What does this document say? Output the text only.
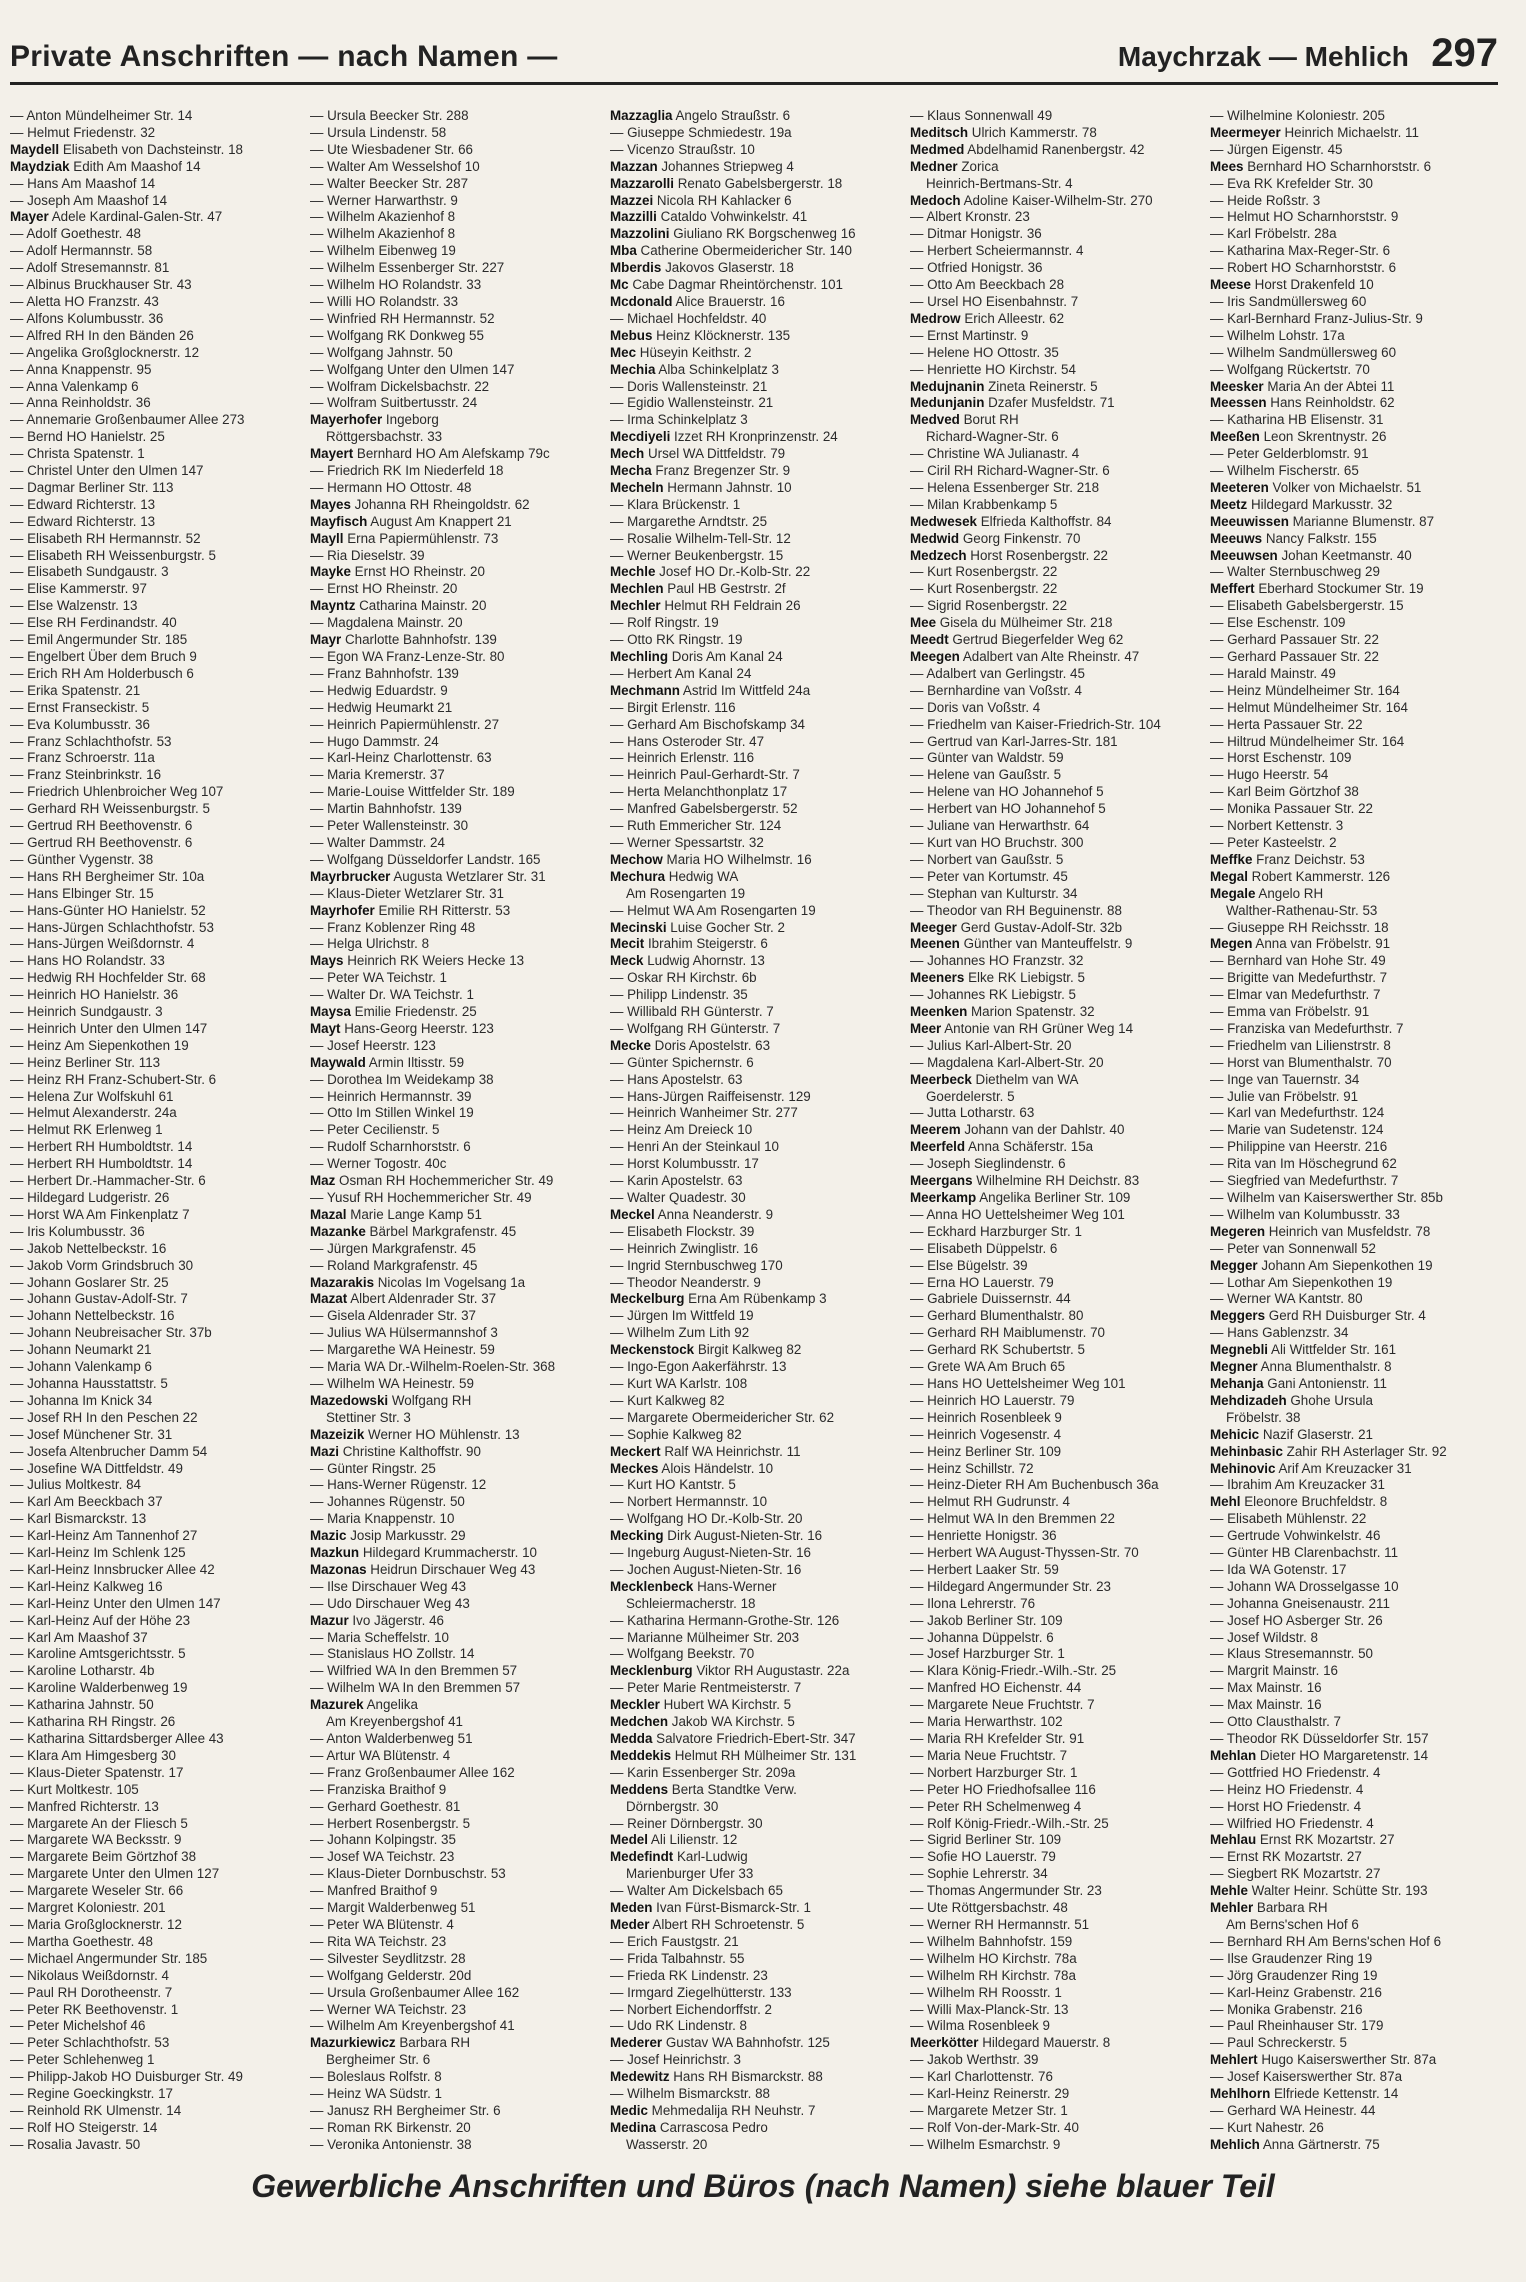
Private Anschriften — nach Namen —	Maychrzak — Mehlich 297
— Anton Mündelheimer Str. 14
— Helmut Friedenstr. 32
Maydell Elisabeth von Dachsteinstr. 18
Maydziak Edith Am Maashof 14
— Hans Am Maashof 14
— Joseph Am Maashof 14
Mayer Adele Kardinal-Galen-Str. 47
— Adolf Goethestr. 48
— Adolf Hermannstr. 58
— Adolf Stresemannstr. 81
— Albinus Bruckhauser Str. 43
— Aletta HO Franzstr. 43
— Alfons Kolumbusstr. 36
— Alfred RH In den Bänden 26
— Angelika Großglocknerstr. 12
— Anna Knappenstr. 95
— Anna Valenkamp 6
— Anna Reinholdstr. 36
— Annemarie Großenbaumer Allee 273
— Bernd HO Hanielstr. 25
— Christa Spatenstr. 1
— Christel Unter den Ulmen 147
— Dagmar Berliner Str. 113
— Edward Richterstr. 13
— Edward Richterstr. 13
— Elisabeth RH Hermannstr. 52
— Elisabeth RH Weissenburgstr. 5
— Elisabeth Sundgaustr. 3
— Elise Kammerstr. 97
— Else Walzenstr. 13
— Else RH Ferdinandstr. 40
— Emil Angermunder Str. 185
— Engelbert Über dem Bruch 9
— Erich RH Am Holderbusch 6
— Erika Spatenstr. 21
— Ernst Franseckistr. 5
— Eva Kolumbusstr. 36
— Franz Schlachthofstr. 53
— Franz Schroerstr. 11a
— Franz Steinbrinkstr. 16
— Friedrich Uhlenbroicher Weg 107
— Gerhard RH Weissenburgstr. 5
— Gertrud RH Beethovenstr. 6
— Gertrud RH Beethovenstr. 6
— Günther Vygenstr. 38
— Hans RH Bergheimer Str. 10a
— Hans Elbinger Str. 15
— Hans-Günter HO Hanielstr. 52
— Hans-Jürgen Schlachthofstr. 53
— Hans-Jürgen Weißdornstr. 4
— Hans HO Rolandstr. 33
— Hedwig RH Hochfelder Str. 68
— Heinrich HO Hanielstr. 36
— Heinrich Sundgaustr. 3
— Heinrich Unter den Ulmen 147
— Heinz Am Siepenkothen 19
— Heinz Berliner Str. 113
— Heinz RH Franz-Schubert-Str. 6
— Helena Zur Wolfskuhl 61
— Helmut Alexanderstr. 24a
— Helmut RK Erlenweg 1
— Herbert RH Humboldtstr. 14
— Herbert RH Humboldtstr. 14
— Herbert Dr.-Hammacher-Str. 6
— Hildegard Ludgeristr. 26
— Horst WA Am Finkenplatz 7
— Iris Kolumbusstr. 36
— Jakob Nettelbeckstr. 16
— Jakob Vorm Grindsbruch 30
— Johann Goslarer Str. 25
— Johann Gustav-Adolf-Str. 7
— Johann Nettelbeckstr. 16
— Johann Neubreisacher Str. 37b
— Johann Neumarkt 21
— Johann Valenkamp 6
— Johanna Hausstattstr. 5
— Johanna Im Knick 34
— Josef RH In den Peschen 22
— Josef Münchener Str. 31
— Josefa Altenbrucher Damm 54
— Josefine WA Dittfeldstr. 49
— Julius Moltkestr. 84
— Karl Am Beeckbach 37
— Karl Bismarckstr. 13
— Karl-Heinz Am Tannenhof 27
— Karl-Heinz Im Schlenk 125
— Karl-Heinz Innsbrucker Allee 42
— Karl-Heinz Kalkweg 16
— Karl-Heinz Unter den Ulmen 147
— Karl-Heinz Auf der Höhe 23
— Karl Am Maashof 37
— Karoline Amtsgerichtsstr. 5
— Karoline Lotharstr. 4b
— Karoline Walderbenweg 19
— Katharina Jahnstr. 50
— Katharina RH Ringstr. 26
— Katharina Sittardsberger Allee 43
— Klara Am Himgesberg 30
— Klaus-Dieter Spatenstr. 17
— Kurt Moltkestr. 105
— Manfred Richterstr. 13
— Margarete An der Fliesch 5
— Margarete WA Becksstr. 9
— Margarete Beim Görtzhof 38
— Margarete Unter den Ulmen 127
— Margarete Weseler Str. 66
— Margret Koloniestr. 201
— Maria Großglocknerstr. 12
— Martha Goethestr. 48
— Michael Angermunder Str. 185
— Nikolaus Weißdornstr. 4
— Paul RH Dorotheenstr. 7
— Peter RK Beethovenstr. 1
— Peter Michelshof 46
— Peter Schlachthofstr. 53
— Peter Schlehenweg 1
— Philipp-Jakob HO Duisburger Str. 49
— Regine Goeckingkstr. 17
— Reinhold RK Ulmenstr. 14
— Rolf HO Steigerstr. 14
— Rosalia Javastr. 50
— Ursula Beecker Str. 288
— Ursula Lindenstr. 58
— Ute Wiesbadener Str. 66
— Walter Am Wesselshof 10
— Walter Beecker Str. 287
— Werner Harwarthstr. 9
— Wilhelm Akazienhof 8
— Wilhelm Akazienhof 8
— Wilhelm Eibenweg 19
— Wilhelm Essenberger Str. 227
— Wilhelm HO Rolandstr. 33
— Willi HO Rolandstr. 33
— Winfried RH Hermannstr. 52
— Wolfgang RK Donkweg 55
— Wolfgang Jahnstr. 50
— Wolfgang Unter den Ulmen 147
— Wolfram Dickelsbachstr. 22
— Wolfram Suitbertusstr. 24
Mayerhofer Ingeborg
Röttgersbachstr. 33
Mayert Bernhard HO Am Alefskamp 79c
— Friedrich RK Im Niederfeld 18
— Hermann HO Ottostr. 48
Mayes Johanna RH Rheingoldstr. 62
Mayfisch August Am Knappert 21
Mayll Erna Papiermühlenstr. 73
— Ria Dieselstr. 39
Mayke Ernst HO Rheinstr. 20
— Ernst HO Rheinstr. 20
Mayntz Catharina Mainstr. 20
— Magdalena Mainstr. 20
Mayr Charlotte Bahnhofstr. 139
— Egon WA Franz-Lenze-Str. 80
— Franz Bahnhofstr. 139
— Hedwig Eduardstr. 9
— Hedwig Heumarkt 21
— Heinrich Papiermühlenstr. 27
— Hugo Dammstr. 24
— Karl-Heinz Charlottenstr. 63
— Maria Kremerstr. 37
— Marie-Louise Wittfelder Str. 189
— Martin Bahnhofstr. 139
— Peter Wallensteinstr. 30
— Walter Dammstr. 24
— Wolfgang Düsseldorfer Landstr. 165
Mayrbrucker Augusta Wetzlarer Str. 31
— Klaus-Dieter Wetzlarer Str. 31
Mayrhofer Emilie RH Ritterstr. 53
— Franz Koblenzer Ring 48
— Helga Ulrichstr. 8
Mays Heinrich RK Weiers Hecke 13
— Peter WA Teichstr. 1
— Walter Dr. WA Teichstr. 1
Maysa Emilie Friedenstr. 25
Mayt Hans-Georg Heerstr. 123
— Josef Heerstr. 123
Maywald Armin Iltisstr. 59
— Dorothea Im Weidekamp 38
— Heinrich Hermannstr. 39
— Otto Im Stillen Winkel 19
— Peter Cecilienstr. 5
— Rudolf Scharnhorststr. 6
— Werner Togostr. 40c
Maz Osman RH Hochemmericher Str. 49
— Yusuf RH Hochemmericher Str. 49
Mazal Marie Lange Kamp 51
Mazanke Bärbel Markgrafenstr. 45
— Jürgen Markgrafenstr. 45
— Roland Markgrafenstr. 45
Mazarakis Nicolas Im Vogelsang 1a
Mazat Albert Aldenrader Str. 37
— Gisela Aldenrader Str. 37
— Julius WA Hülsermannshof 3
— Margarethe WA Heinestr. 59
— Maria WA Dr.-Wilhelm-Roelen-Str. 368
— Wilhelm WA Heinestr. 59
Mazedowski Wolfgang RH
Stettiner Str. 3
Mazeizik Werner HO Mühlenstr. 13
Mazi Christine Kalthoffstr. 90
— Günter Ringstr. 25
— Hans-Werner Rügenstr. 12
— Johannes Rügenstr. 50
— Maria Knappenstr. 10
Mazic Josip Markusstr. 29
Mazkun Hildegard Krummacherstr. 10
Mazonas Heidrun Dirschauer Weg 43
— Ilse Dirschauer Weg 43
— Udo Dirschauer Weg 43
Mazur Ivo Jägerstr. 46
— Maria Scheffelstr. 10
— Stanislaus HO Zollstr. 14
— Wilfried WA In den Bremmen 57
— Wilhelm WA In den Bremmen 57
Mazurek Angelika
Am Kreyenbergshof 41
— Anton Walderbenweg 51
— Artur WA Blütenstr. 4
— Franz Großenbaumer Allee 162
— Franziska Braithof 9
— Gerhard Goethestr. 81
— Herbert Rosenbergstr. 5
— Johann Kolpingstr. 35
— Josef WA Teichstr. 23
— Klaus-Dieter Dornbuschstr. 53
— Manfred Braithof 9
— Margit Walderbenweg 51
— Peter WA Blütenstr. 4
— Rita WA Teichstr. 23
— Silvester Seydlitzstr. 28
— Wolfgang Gelderstr. 20d
— Ursula Großenbaumer Allee 162
— Werner WA Teichstr. 23
— Wilhelm Am Kreyenbergshof 41
Mazurkiewicz Barbara RH
Bergheimer Str. 6
— Boleslaus Rolfstr. 8
— Heinz WA Südstr. 1
— Janusz RH Bergheimer Str. 6
— Roman RK Birkenstr. 20
— Veronika Antonienstr. 38
Mazzaglia Angelo Straußstr. 6
— Giuseppe Schmiedestr. 19a
— Vicenzo Straußstr. 10
Mazzan Johannes Striepweg 4
Mazzarolli Renato Gabelsbergerstr. 18
Mazzei Nicola RH Kahlacker 6
Mazzilli Cataldo Vohwinkelstr. 41
Mazzolini Giuliano RK Borgschenweg 16
Mba Catherine Obermeidericher Str. 140
Mberdis Jakovos Glaserstr. 18
Mc Cabe Dagmar Rheintörchenstr. 101
Mcdonald Alice Brauerstr. 16
— Michael Hochfeldstr. 40
Mebus Heinz Klöcknerstr. 135
Mec Hüseyin Keithstr. 2
Mechia Alba Schinkelplatz 3
— Doris Wallensteinstr. 21
— Egidio Wallensteinstr. 21
— Irma Schinkelplatz 3
Mecdiyeli Izzet RH Kronprinzenstr. 24
Mech Ursel WA Dittfeldstr. 79
Mecha Franz Bregenzer Str. 9
Mecheln Hermann Jahnstr. 10
— Klara Brückenstr. 1
— Margarethe Arndtstr. 25
— Rosalie Wilhelm-Tell-Str. 12
— Werner Beukenbergstr. 15
Mechle Josef HO Dr.-Kolb-Str. 22
Mechlen Paul HB Gestrstr. 2f
Mechler Helmut RH Feldrain 26
— Rolf Ringstr. 19
— Otto RK Ringstr. 19
Mechling Doris Am Kanal 24
— Herbert Am Kanal 24
Mechmann Astrid Im Wittfeld 24a
— Birgit Erlenstr. 116
— Gerhard Am Bischofskamp 34
— Hans Osteroder Str. 47
— Heinrich Erlenstr. 116
— Heinrich Paul-Gerhardt-Str. 7
— Herta Melanchthonplatz 17
— Manfred Gabelsbergerstr. 52
— Ruth Emmericher Str. 124
— Werner Spessartstr. 32
Mechow Maria HO Wilhelmstr. 16
Mechura Hedwig WA
Am Rosengarten 19
— Helmut WA Am Rosengarten 19
Mecinski Luise Gocher Str. 2
Mecit Ibrahim Steigerstr. 6
Meck Ludwig Ahornstr. 13
— Oskar RH Kirchstr. 6b
— Philipp Lindenstr. 35
— Willibald RH Günterstr. 7
— Wolfgang RH Günterstr. 7
Mecke Doris Apostelstr. 63
— Günter Spichernstr. 6
— Hans Apostelstr. 63
— Hans-Jürgen Raiffeisenstr. 129
— Heinrich Wanheimer Str. 277
— Heinz Am Dreieck 10
— Henri An der Steinkaul 10
— Horst Kolumbusstr. 17
— Karin Apostelstr. 63
— Walter Quadestr. 30
Meckel Anna Neanderstr. 9
— Elisabeth Flockstr. 39
— Heinrich Zwinglistr. 16
— Ingrid Sternbuschweg 170
— Theodor Neanderstr. 9
Meckelburg Erna Am Rübenkamp 3
— Jürgen Im Wittfeld 19
— Wilhelm Zum Lith 92
Meckenstock Birgit Kalkweg 82
— Ingo-Egon Aakerfährstr. 13
— Kurt WA Karlstr. 108
— Kurt Kalkweg 82
— Margarete Obermeidericher Str. 62
— Sophie Kalkweg 82
Meckert Ralf WA Heinrichstr. 11
Meckes Alois Händelstr. 10
— Kurt HO Kantstr. 5
— Norbert Hermannstr. 10
— Wolfgang HO Dr.-Kolb-Str. 20
Mecking Dirk August-Nieten-Str. 16
— Ingeburg August-Nieten-Str. 16
— Jochen August-Nieten-Str. 16
Mecklenbeck Hans-Werner
Schleiermacherstr. 18
— Katharina Hermann-Grothe-Str. 126
— Marianne Mülheimer Str. 203
— Wolfgang Beekstr. 70
Mecklenburg Viktor RH Augustastr. 22a
— Peter Marie Rentmeisterstr. 7
Meckler Hubert WA Kirchstr. 5
Medchen Jakob WA Kirchstr. 5
Medda Salvatore Friedrich-Ebert-Str. 347
Meddekis Helmut RH Mülheimer Str. 131
— Karin Essenberger Str. 209a
Meddens Berta Standtke Verw.
Dörnbergstr. 30
— Reiner Dörnbergstr. 30
Medel Ali Lilienstr. 12
Medefindt Karl-Ludwig
Marienburger Ufer 33
— Walter Am Dickelsbach 65
Meden Ivan Fürst-Bismarck-Str. 1
Meder Albert RH Schroetenstr. 5
— Erich Faustgstr. 21
— Frida Talbahnstr. 55
— Frieda RK Lindenstr. 23
— Irmgard Ziegelhütterstr. 133
— Norbert Eichendorffstr. 2
— Udo RK Lindenstr. 8
Mederer Gustav WA Bahnhofstr. 125
— Josef Heinrichstr. 3
Medewitz Hans RH Bismarckstr. 88
— Wilhelm Bismarckstr. 88
Medic Mehmedalija RH Neuhstr. 7
Medina Carrascosa Pedro
Wasserstr. 20
— Klaus Sonnenwall 49
Meditsch Ulrich Kammerstr. 78
Medmed Abdelhamid Ranenbergstr. 42
Medner Zorica
Heinrich-Bertmans-Str. 4
Medoch Adoline Kaiser-Wilhelm-Str. 270
— Albert Kronstr. 23
— Ditmar Honigstr. 36
— Herbert Scheiermannstr. 4
— Otfried Honigstr. 36
— Otto Am Beeckbach 28
— Ursel HO Eisenbahnstr. 7
Medrow Erich Alleestr. 62
— Ernst Martinstr. 9
— Helene HO Ottostr. 35
— Henriette HO Kirchstr. 54
Medujnanin Zineta Reinerstr. 5
Medunjanin Dzafer Musfeldstr. 71
Medved Borut RH
Richard-Wagner-Str. 6
— Christine WA Julianastr. 4
— Ciril RH Richard-Wagner-Str. 6
— Helena Essenberger Str. 218
— Milan Krabbenkamp 5
Medwesek Elfrieda Kalthoffstr. 84
Medwid Georg Finkenstr. 70
Medzech Horst Rosenbergstr. 22
— Kurt Rosenbergstr. 22
— Kurt Rosenbergstr. 22
— Sigrid Rosenbergstr. 22
Mee Gisela du Mülheimer Str. 218
Meedt Gertrud Biegerfelder Weg 62
Meegen Adalbert van Alte Rheinstr. 47
— Adalbert van Gerlingstr. 45
— Bernhardine van Voßstr. 4
— Doris van Voßstr. 4
— Friedhelm van Kaiser-Friedrich-Str. 104
— Gertrud van Karl-Jarres-Str. 181
— Günter van Waldstr. 59
— Helene van Gaußstr. 5
— Helene van HO Johannehof 5
— Herbert van HO Johannehof 5
— Juliane van Herwarthstr. 64
— Kurt van HO Bruchstr. 300
— Norbert van Gaußstr. 5
— Peter van Kortumstr. 45
— Stephan van Kulturstr. 34
— Theodor van RH Beguinenstr. 88
Meeger Gerd Gustav-Adolf-Str. 32b
Meenen Günther van Manteuffelstr. 9
— Johannes HO Franzstr. 32
Meeners Elke RK Liebigstr. 5
— Johannes RK Liebigstr. 5
Meenken Marion Spatenstr. 32
Meer Antonie van RH Grüner Weg 14
— Julius Karl-Albert-Str. 20
— Magdalena Karl-Albert-Str. 20
Meerbeck Diethelm van WA
Goerdelerstr. 5
— Jutta Lotharstr. 63
Meerem Johann van der Dahlstr. 40
Meerfeld Anna Schäferstr. 15a
— Joseph Sieglindenstr. 6
Meergans Wilhelmine RH Deichstr. 83
Meerkamp Angelika Berliner Str. 109
— Anna HO Uettelsheimer Weg 101
— Eckhard Harzburger Str. 1
— Elisabeth Düppelstr. 6
— Else Bügelstr. 39
— Erna HO Lauerstr. 79
— Gabriele Duissernstr. 44
— Gerhard Blumenthalstr. 80
— Gerhard RH Maiblumenstr. 70
— Gerhard RK Schubertstr. 5
— Grete WA Am Bruch 65
— Hans HO Uettelsheimer Weg 101
— Heinrich HO Lauerstr. 79
— Heinrich Rosenbleek 9
— Heinrich Vogesenstr. 4
— Heinz Berliner Str. 109
— Heinz Schillstr. 72
— Heinz-Dieter RH Am Buchenbusch 36a
— Helmut RH Gudrunstr. 4
— Helmut WA In den Bremmen 22
— Henriette Honigstr. 36
— Herbert WA August-Thyssen-Str. 70
— Herbert Laaker Str. 59
— Hildegard Angermunder Str. 23
— Ilona Lehrerstr. 76
— Jakob Berliner Str. 109
— Johanna Düppelstr. 6
— Josef Harzburger Str. 1
— Klara König-Friedr.-Wilh.-Str. 25
— Manfred HO Eichenstr. 44
— Margarete Neue Fruchtstr. 7
— Maria Herwarthstr. 102
— Maria RH Krefelder Str. 91
— Maria Neue Fruchtstr. 7
— Norbert Harzburger Str. 1
— Peter HO Friedhofsallee 116
— Peter RH Schelmenweg 4
— Rolf König-Friedr.-Wilh.-Str. 25
— Sigrid Berliner Str. 109
— Sofie HO Lauerstr. 79
— Sophie Lehrerstr. 34
— Thomas Angermunder Str. 23
— Ute Röttgersbachstr. 48
— Werner RH Hermannstr. 51
— Wilhelm Bahnhofstr. 159
— Wilhelm HO Kirchstr. 78a
— Wilhelm RH Kirchstr. 78a
— Wilhelm RH Roosstr. 1
— Willi Max-Planck-Str. 13
— Wilma Rosenbleek 9
Meerkötter Hildegard Mauerstr. 8
— Jakob Werthstr. 39
— Karl Charlottenstr. 76
— Karl-Heinz Reinerstr. 29
— Margarete Metzer Str. 1
— Rolf Von-der-Mark-Str. 40
— Wilhelm Esmarchstr. 9
— Wilhelmine Koloniestr. 205
Meermeyer Heinrich Michaelstr. 11
— Jürgen Eigenstr. 45
Mees Bernhard HO Scharnhorststr. 6
— Eva RK Krefelder Str. 30
— Heide Roßstr. 3
— Helmut HO Scharnhorststr. 9
— Karl Fröbelstr. 28a
— Katharina Max-Reger-Str. 6
— Robert HO Scharnhorststr. 6
Meese Horst Drakenfeld 10
— Iris Sandmüllersweg 60
— Karl-Bernhard Franz-Julius-Str. 9
— Wilhelm Lohstr. 17a
— Wilhelm Sandmüllersweg 60
— Wolfgang Rückertstr. 70
Meesker Maria An der Abtei 11
Meessen Hans Reinholdstr. 62
— Katharina HB Elisenstr. 31
Meeßen Leon Skrentnystr. 26
— Peter Gelderblomstr. 91
— Wilhelm Fischerstr. 65
Meeteren Volker von Michaelstr. 51
Meetz Hildegard Markusstr. 32
Meeuwissen Marianne Blumenstr. 87
Meeuws Nancy Falkstr. 155
Meeuwsen Johan Keetmanstr. 40
— Walter Sternbuschweg 29
Meffert Eberhard Stockumer Str. 19
— Elisabeth Gabelsbergerstr. 15
— Else Eschenstr. 109
— Gerhard Passauer Str. 22
— Gerhard Passauer Str. 22
— Harald Mainstr. 49
— Heinz Mündelheimer Str. 164
— Helmut Mündelheimer Str. 164
— Herta Passauer Str. 22
— Hiltrud Mündelheimer Str. 164
— Horst Eschenstr. 109
— Hugo Heerstr. 54
— Karl Beim Görtzhof 38
— Monika Passauer Str. 22
— Norbert Kettenstr. 3
— Peter Kasteelstr. 2
Meffke Franz Deichstr. 53
Megal Robert Kammerstr. 126
Megale Angelo RH
Walther-Rathenau-Str. 53
— Giuseppe RH Reichsstr. 18
Megen Anna van Fröbelstr. 91
— Bernhard van Hohe Str. 49
— Brigitte van Medefurthstr. 7
— Elmar van Medefurthstr. 7
— Emma van Fröbelstr. 91
— Franziska van Medefurthstr. 7
— Friedhelm van Lilienstrstr. 8
— Horst van Blumenthalstr. 70
— Inge van Tauernstr. 34
— Julie van Fröbelstr. 91
— Karl van Medefurthstr. 124
— Marie van Sudetenstr. 124
— Philippine van Heerstr. 216
— Rita van Im Höschegrund 62
— Siegfried van Medefurthstr. 7
— Wilhelm van Kaiserswerther Str. 85b
— Wilhelm van Kolumbusstr. 33
Megeren Heinrich van Musfeldstr. 78
— Peter van Sonnenwall 52
Megger Johann Am Siepenkothen 19
— Lothar Am Siepenkothen 19
— Werner WA Kantstr. 80
Meggers Gerd RH Duisburger Str. 4
— Hans Gablenzstr. 34
Megnebli Ali Wittfelder Str. 161
Megner Anna Blumenthalstr. 8
Mehanja Gani Antonienstr. 11
Mehdizadeh Ghohe Ursula
Fröbelstr. 38
Mehicic Nazif Glaserstr. 21
Mehinbasic Zahir RH Asterlager Str. 92
Mehinovic Arif Am Kreuzacker 31
— Ibrahim Am Kreuzacker 31
Mehl Eleonore Bruchfeldstr. 8
— Elisabeth Mühlenstr. 22
— Gertrude Vohwinkelstr. 46
— Günter HB Clarenbachstr. 11
— Ida WA Gotenstr. 17
— Johann WA Drosselgasse 10
— Johanna Gneisenaustr. 211
— Josef HO Asberger Str. 26
— Josef Wildstr. 8
— Klaus Stresemannstr. 50
— Margrit Mainstr. 16
— Max Mainstr. 16
— Max Mainstr. 16
— Otto Clausthalstr. 7
— Theodor RK Düsseldorfer Str. 157
Mehlan Dieter HO Margaretenstr. 14
— Gottfried HO Friedenstr. 4
— Heinz HO Friedenstr. 4
— Horst HO Friedenstr. 4
— Wilfried HO Friedenstr. 4
Mehlau Ernst RK Mozartstr. 27
— Ernst RK Mozartstr. 27
— Siegbert RK Mozartstr. 27
Mehle Walter Heinr. Schütte Str. 193
Mehler Barbara RH
Am Berns'schen Hof 6
— Bernhard RH Am Berns'schen Hof 6
— Ilse Graudenzer Ring 19
— Jörg Graudenzer Ring 19
— Karl-Heinz Grabenstr. 216
— Monika Grabenstr. 216
— Paul Rheinhauser Str. 179
— Paul Schreckerstr. 5
Mehlert Hugo Kaiserswerther Str. 87a
— Josef Kaiserswerther Str. 87a
Mehlhorn Elfriede Kettenstr. 14
— Gerhard WA Heinestr. 44
— Kurt Nahestr. 26
Mehlich Anna Gärtnerstr. 75
Gewerbliche Anschriften und Büros (nach Namen) siehe blauer Teil
